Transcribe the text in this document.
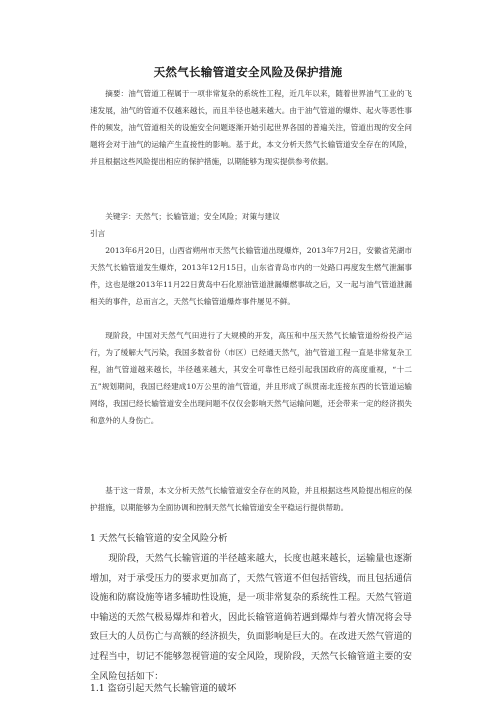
天然气长输管道安全风险及保护措施

摘要：油气管道工程属于一项非常复杂的系统性工程，近几年以来，随着世界油气工业的飞速发展，油气的管道不仅越来越长，而且半径也越来越大。由于油气管道的爆炸、起火等恶性事件的频发，油气管道相关的设施安全问题逐渐开始引起世界各国的普遍关注，管道出现的安全问题将会对于油气的运输产生直接性的影响。基于此，本文分析天然气长输管道安全存在的风险，并且根据这些风险提出相应的保护措施，以期能够为现实提供参考依据。

关键字：天然气；长输管道；安全风险；对策与建议

引言

2013年6月20日，山西省朔州市天然气长输管道出现爆炸，2013年7月2日，安徽省芜湖市天然气长输管道发生爆炸，2013年12月15日，山东省青岛市内的一处路口再度发生燃气泄漏事件，这也是继2013年11月22日黄岛中石化原油管道泄漏爆燃事故之后，又一起与油气管道泄漏相关的事件，总而言之，天然气长输管道爆炸事件屡见不鲜。

现阶段，中国对天然气气田进行了大规模的开发，高压和中压天然气长输管道纷纷投产运行，为了缓解大气污染，我国多数省份（市区）已经通天然气，油气管道工程一直是非常复杂工程，油气管道越来越长，半径越来越大，其安全可靠性已经引起我国政府的高度重视，“十二五”规划期间，我国已经建成10万公里的油气管道，并且形成了纵贯南北连接东西的长管道运输网络，我国已经长输管道安全出现问题不仅仅会影响天然气运输问题，还会带来一定的经济损失和意外的人身伤亡。

基于这一背景，本文分析天然气长输管道安全存在的风险，并且根据这些风险提出相应的保护措施，以期能够为全面协调和控制天然气长输管道安全平稳运行提供帮助。

1 天然气长输管道的安全风险分析

现阶段，天然气长输管道的半径越来越大，长度也越来越长，运输量也逐渐增加，对于承受压力的要求更加高了，天然气管道不但包括管线，而且包括通信设施和防腐设施等诸多辅助性设施，是一项非常复杂的系统性工程。天然气管道中输送的天然气极易爆炸和着火，因此长输管道倘若遇到爆炸与着火情况将会导致巨大的人员伤亡与高额的经济损失，负面影响是巨大的。在改进天然气管道的过程当中，切记不能够忽视管道的安全风险，现阶段，天然气长输管道主要的安全风险包括如下：

1.1 盗窃引起天然气长输管道的破坏
